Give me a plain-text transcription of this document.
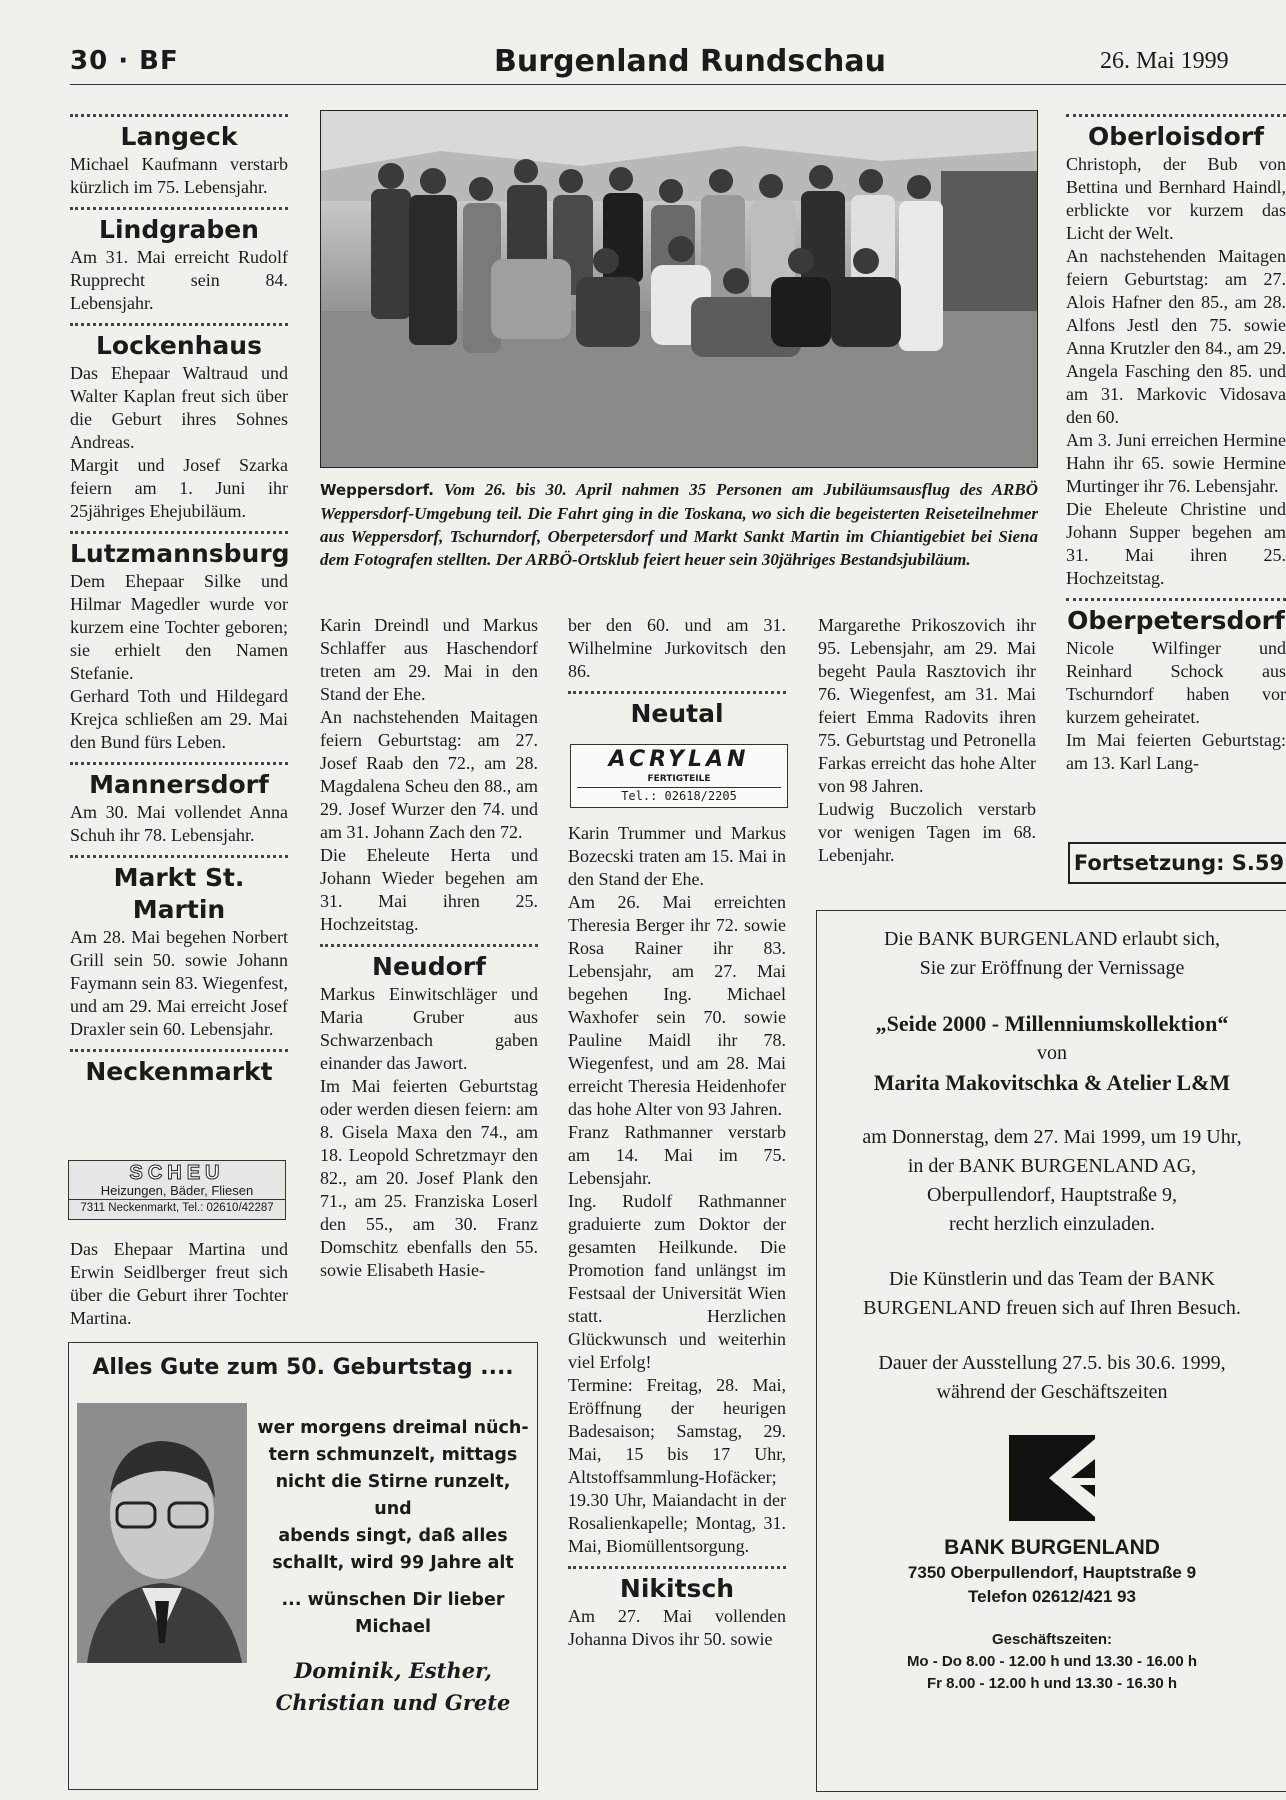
30 · BF	Burgenland Rundschau	26. Mai 1999
Langeck

Michael Kaufmann verstarb kürzlich im 75. Lebensjahr.

Lindgraben

Am 31. Mai erreicht Rudolf Rupprecht sein 84. Lebensjahr.

Lockenhaus

Das Ehepaar Waltraud und Walter Kaplan freut sich über die Geburt ihres Sohnes Andreas.

Margit und Josef Szarka feiern am 1. Juni ihr 25jähriges Ehejubiläum.

Lutzmannsburg

Dem Ehepaar Silke und Hilmar Magedler wurde vor kurzem eine Tochter geboren; sie erhielt den Namen Stefanie.

Gerhard Toth und Hildegard Krejca schließen am 29. Mai den Bund fürs Leben.

Mannersdorf

Am 30. Mai vollendet Anna Schuh ihr 78. Lebensjahr.

Markt St. Martin

Am 28. Mai begehen Norbert Grill sein 50. sowie Johann Faymann sein 83. Wiegenfest, und am 29. Mai erreicht Josef Draxler sein 60. Lebensjahr.

Neckenmarkt
SCHEU
Heizungen, Bäder, Fliesen
7311 Neckenmarkt, Tel.: 02610/42287

Das Ehepaar Martina und Erwin Seidlberger freut sich über die Geburt ihrer Tochter Martina.

Weppersdorf. Vom 26. bis 30. April nahmen 35 Personen am Jubiläumsausflug des ARBÖ Weppersdorf-Umgebung teil. Die Fahrt ging in die Toskana, wo sich die begeisterten Reiseteilnehmer aus Weppersdorf, Tschurndorf, Oberpetersdorf und Markt Sankt Martin im Chiantigebiet bei Siena dem Fotografen stellten. Der ARBÖ-Ortsklub feiert heuer sein 30jähriges Bestandsjubiläum.

Karin Dreindl und Markus Schlaffer aus Haschendorf treten am 29. Mai in den Stand der Ehe.

An nachstehenden Maitagen feiern Geburtstag: am 27. Josef Raab den 72., am 28. Magdalena Scheu den 88., am 29. Josef Wurzer den 74. und am 31. Johann Zach den 72.

Die Eheleute Herta und Johann Wieder begehen am 31. Mai ihren 25. Hochzeitstag.

Neudorf

Markus Einwitschläger und Maria Gruber aus Schwarzenbach gaben einander das Jawort.

Im Mai feierten Geburtstag oder werden diesen feiern: am 8. Gisela Maxa den 74., am 18. Leopold Schretzmayr den 82., am 20. Josef Plank den 71., am 25. Franziska Loserl den 55., am 30. Franz Domschitz ebenfalls den 55. sowie Elisabeth Hasie-

ber den 60. und am 31. Wilhelmine Jurkovitsch den 86.

Neutal
ACRYLAN
FERTIGTEILE
Tel.: 02618/2205

Karin Trummer und Markus Bozecski traten am 15. Mai in den Stand der Ehe.

Am 26. Mai erreichten Theresia Berger ihr 72. sowie Rosa Rainer ihr 83. Lebensjahr, am 27. Mai begehen Ing. Michael Waxhofer sein 70. sowie Pauline Maidl ihr 78. Wiegenfest, und am 28. Mai erreicht Theresia Heidenhofer das hohe Alter von 93 Jahren.

Franz Rathmanner verstarb am 14. Mai im 75. Lebensjahr.

Ing. Rudolf Rathmanner graduierte zum Doktor der gesamten Heilkunde. Die Promotion fand unlängst im Festsaal der Universität Wien statt. Herzlichen Glückwunsch und weiterhin viel Erfolg!

Termine: Freitag, 28. Mai, Eröffnung der heurigen Badesaison; Samstag, 29. Mai, 15 bis 17 Uhr, Altstoffsammlung-Hofäcker; 19.30 Uhr, Maiandacht in der Rosalienkapelle; Montag, 31. Mai, Biomüllentsorgung.

Nikitsch

Am 27. Mai vollenden Johanna Divos ihr 50. sowie

Margarethe Prikoszovich ihr 95. Lebensjahr, am 29. Mai begeht Paula Rasztovich ihr 76. Wiegenfest, am 31. Mai feiert Emma Radovits ihren 75. Geburtstag und Petronella Farkas erreicht das hohe Alter von 98 Jahren.

Ludwig Buczolich verstarb vor wenigen Tagen im 68. Lebenjahr.

Oberloisdorf

Christoph, der Bub von Bettina und Bernhard Haindl, erblickte vor kurzem das Licht der Welt.

An nachstehenden Maitagen feiern Geburtstag: am 27. Alois Hafner den 85., am 28. Alfons Jestl den 75. sowie Anna Krutzler den 84., am 29. Angela Fasching den 85. und am 31. Markovic Vidosava den 60.

Am 3. Juni erreichen Hermine Hahn ihr 65. sowie Hermine Murtinger ihr 76. Lebensjahr.

Die Eheleute Christine und Johann Supper begehen am 31. Mai ihren 25. Hochzeitstag.

Oberpetersdorf

Nicole Wilfinger und Reinhard Schock aus Tschurndorf haben vor kurzem geheiratet.

Im Mai feierten Geburtstag: am 13. Karl Lang-

Fortsetzung: S.59
Alles Gute zum 50. Geburtstag ....
wer morgens dreimal nüch-
tern schmunzelt, mittags
nicht die Stirne runzelt, und
abends singt, daß alles
schallt, wird 99 Jahre alt
... wünschen Dir lieber
Michael
Dominik, Esther,
Christian und Grete
Die BANK BURGENLAND erlaubt sich,
Sie zur Eröffnung der Vernissage
„Seide 2000 - Millenniumskollektion“
von
Marita Makovitschka & Atelier L&M
am Donnerstag, dem 27. Mai 1999, um 19 Uhr,
in der BANK BURGENLAND AG,
Oberpullendorf, Hauptstraße 9,
recht herzlich einzuladen.
Die Künstlerin und das Team der BANK
BURGENLAND freuen sich auf Ihren Besuch.
Dauer der Ausstellung 27.5. bis 30.6. 1999,
während der Geschäftszeiten
BANK BURGENLAND
7350 Oberpullendorf, Hauptstraße 9
Telefon 02612/421 93
Geschäftszeiten:
Mo - Do 8.00 - 12.00 h und 13.30 - 16.00 h
Fr 8.00 - 12.00 h und 13.30 - 16.30 h
